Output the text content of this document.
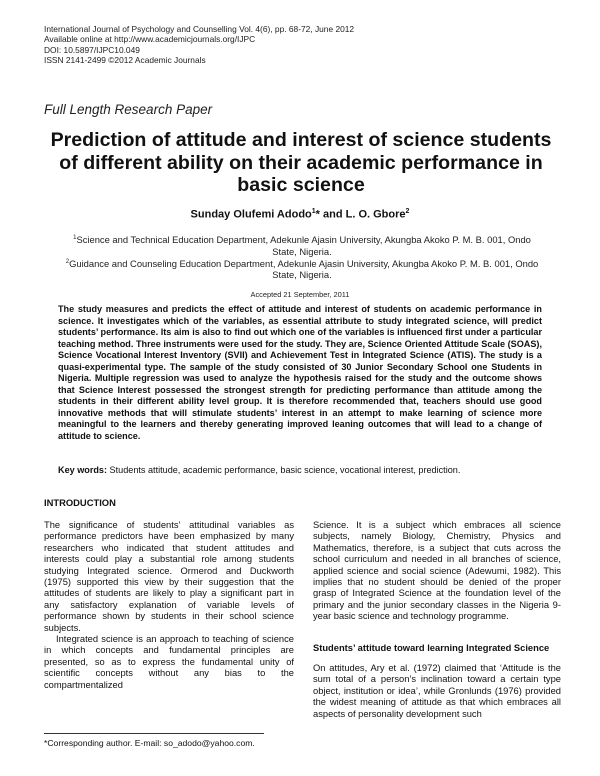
International Journal of Psychology and Counselling Vol. 4(6), pp. 68-72, June 2012
Available online at http://www.academicjournals.org/IJPC
DOI: 10.5897/IJPC10.049
ISSN 2141-2499 ©2012 Academic Journals
Full Length Research Paper
Prediction of attitude and interest of science students of different ability on their academic performance in basic science
Sunday Olufemi Adodo$^1$* and L. O. Gbore$^2$
$^1$Science and Technical Education Department, Adekunle Ajasin University, Akungba Akoko P. M. B. 001, Ondo State, Nigeria.
$^2$Guidance and Counseling Education Department, Adekunle Ajasin University, Akungba Akoko P. M. B. 001, Ondo State, Nigeria.
Accepted 21 September, 2011
The study measures and predicts the effect of attitude and interest of students on academic performance in science. It investigates which of the variables, as essential attribute to study integrated science, will predict students’ performance. Its aim is also to find out which one of the variables is influenced first under a particular teaching method. Three instruments were used for the study. They are, Science Oriented Attitude Scale (SOAS), Science Vocational Interest Inventory (SVII) and Achievement Test in Integrated Science (ATIS). The study is a quasi-experimental type. The sample of the study consisted of 30 Junior Secondary School one Students in Nigeria. Multiple regression was used to analyze the hypothesis raised for the study and the outcome shows that Science Interest possessed the strongest strength for predicting performance than attitude among the students in their different ability level group. It is therefore recommended that, teachers should use good innovative methods that will stimulate students’ interest in an attempt to make learning of science more meaningful to the learners and thereby generating improved leaning outcomes that will lead to a change of attitude to science.
Key words: Students attitude, academic performance, basic science, vocational interest, prediction.
INTRODUCTION

The significance of students’ attitudinal variables as performance predictors have been emphasized by many researchers who indicated that student attitudes and interests could play a substantial role among students studying Integrated science. Ormerod and Duckworth (1975) supported this view by their suggestion that the attitudes of students are likely to play a significant part in any satisfactory explanation of variable levels of performance shown by students in their school science subjects.

Integrated science is an approach to teaching of science in which concepts and fundamental principles are presented, so as to express the fundamental unity of scientific concepts without any bias to the compartmentalized

Science. It is a subject which embraces all science subjects, namely Biology, Chemistry, Physics and Mathematics, therefore, is a subject that cuts across the school curriculum and needed in all branches of science, applied science and social science (Adewumi, 1982). This implies that no student should be denied of the proper grasp of Integrated Science at the foundation level of the primary and the junior secondary classes in the Nigeria 9-year basic science and technology programme.

Students’ attitude toward learning Integrated Science

On attitudes, Ary et al. (1972) claimed that ‘Attitude is the sum total of a person’s inclination toward a certain type object, institution or idea’, while Gronlunds (1976) provided the widest meaning of attitude as that which embraces all aspects of personality development such

*Corresponding author. E-mail: so_adodo@yahoo.com.
